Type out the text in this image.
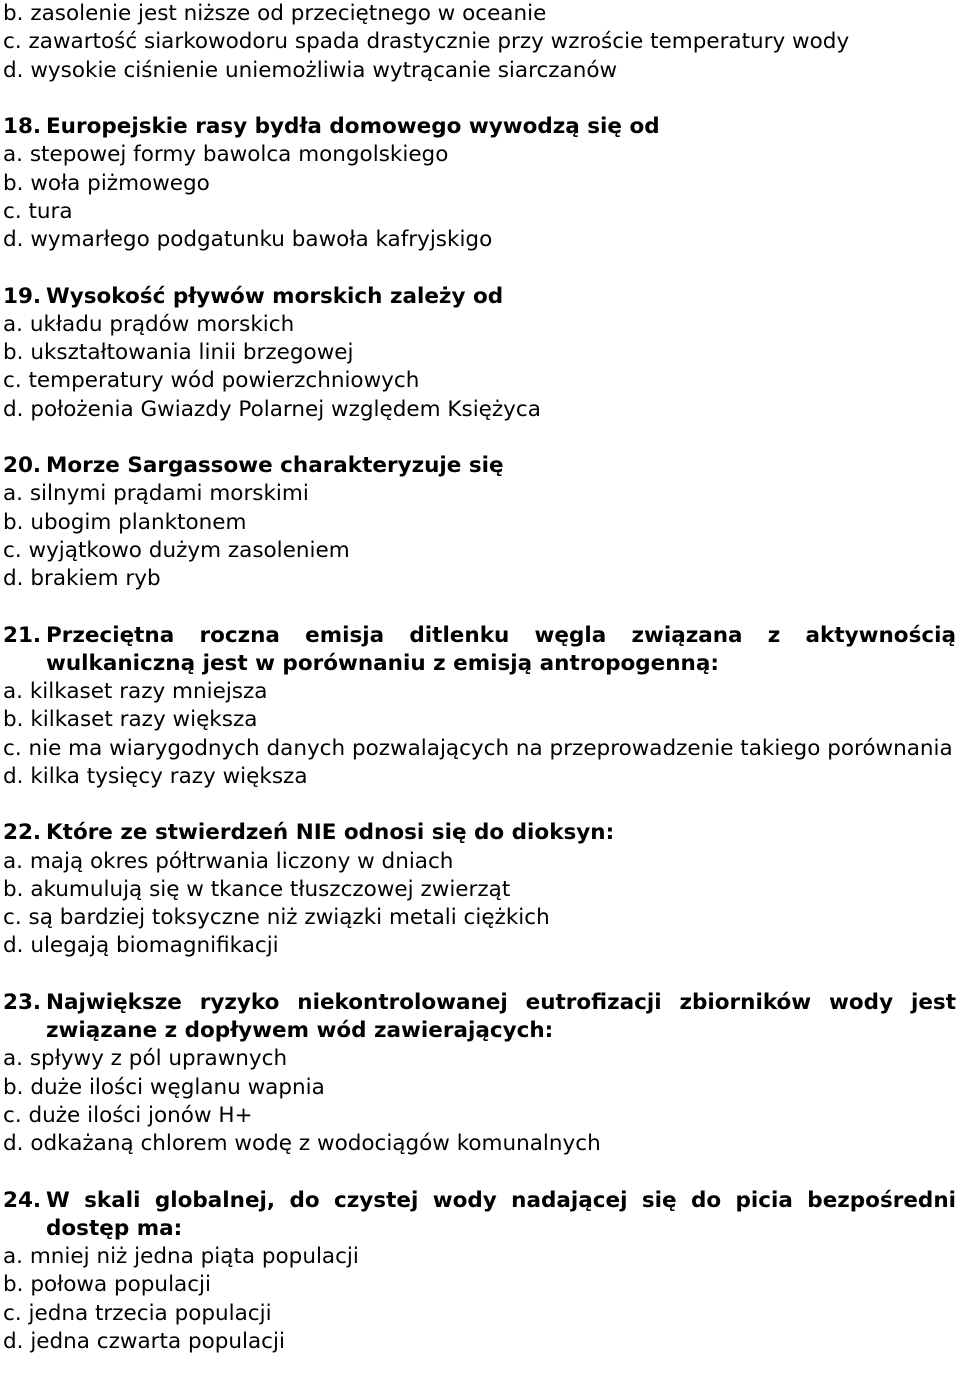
b.
zasolenie jest niższe od przeciętnego w oceanie
c.
zawartość siarkowodoru spada drastycznie przy wzroście temperatury wody
d.
wysokie ciśnienie uniemożliwia wytrącanie siarczanów
18. Europejskie rasy bydła domowego wywodzą się od
a.
stepowej formy bawolca mongolskiego
b.
woła piżmowego
c.
tura
d.
wymarłego podgatunku bawoła kafryjskigo
19. Wysokość pływów morskich zależy od
a.
układu prądów morskich
b.
ukształtowania linii brzegowej
c.
temperatury wód powierzchniowych
d.
położenia Gwiazdy Polarnej względem Księżyca
20. Morze Sargassowe charakteryzuje się
a.
silnymi prądami morskimi
b.
ubogim planktonem
c.
wyjątkowo dużym zasoleniem
d.
brakiem ryb
21. Przeciętna roczna emisja ditlenku węgla związana z aktywnością wulkaniczną jest w porównaniu z emisją antropogenną:
a.
kilkaset razy mniejsza
b.
kilkaset razy większa
c.
nie ma wiarygodnych danych pozwalających na przeprowadzenie takiego porównania
d.
kilka tysięcy razy większa
22. Które ze stwierdzeń NIE odnosi się do dioksyn:
a.
mają okres półtrwania liczony w dniach
b.
akumulują się w tkance tłuszczowej zwierząt
c.
są bardziej toksyczne niż związki metali ciężkich
d.
ulegają biomagnifikacji
23. Największe ryzyko niekontrolowanej eutrofizacji zbiorników wody jest związane z dopływem wód zawierających:
a.
spływy z pól uprawnych
b.
duże ilości węglanu wapnia
c.
duże ilości jonów H+
d.
odkażaną chlorem wodę z wodociągów komunalnych
24. W skali globalnej, do czystej wody nadającej się do picia bezpośredni dostęp ma:
a.
mniej niż jedna piąta populacji
b.
połowa populacji
c.
jedna trzecia populacji
d.
jedna czwarta populacji
